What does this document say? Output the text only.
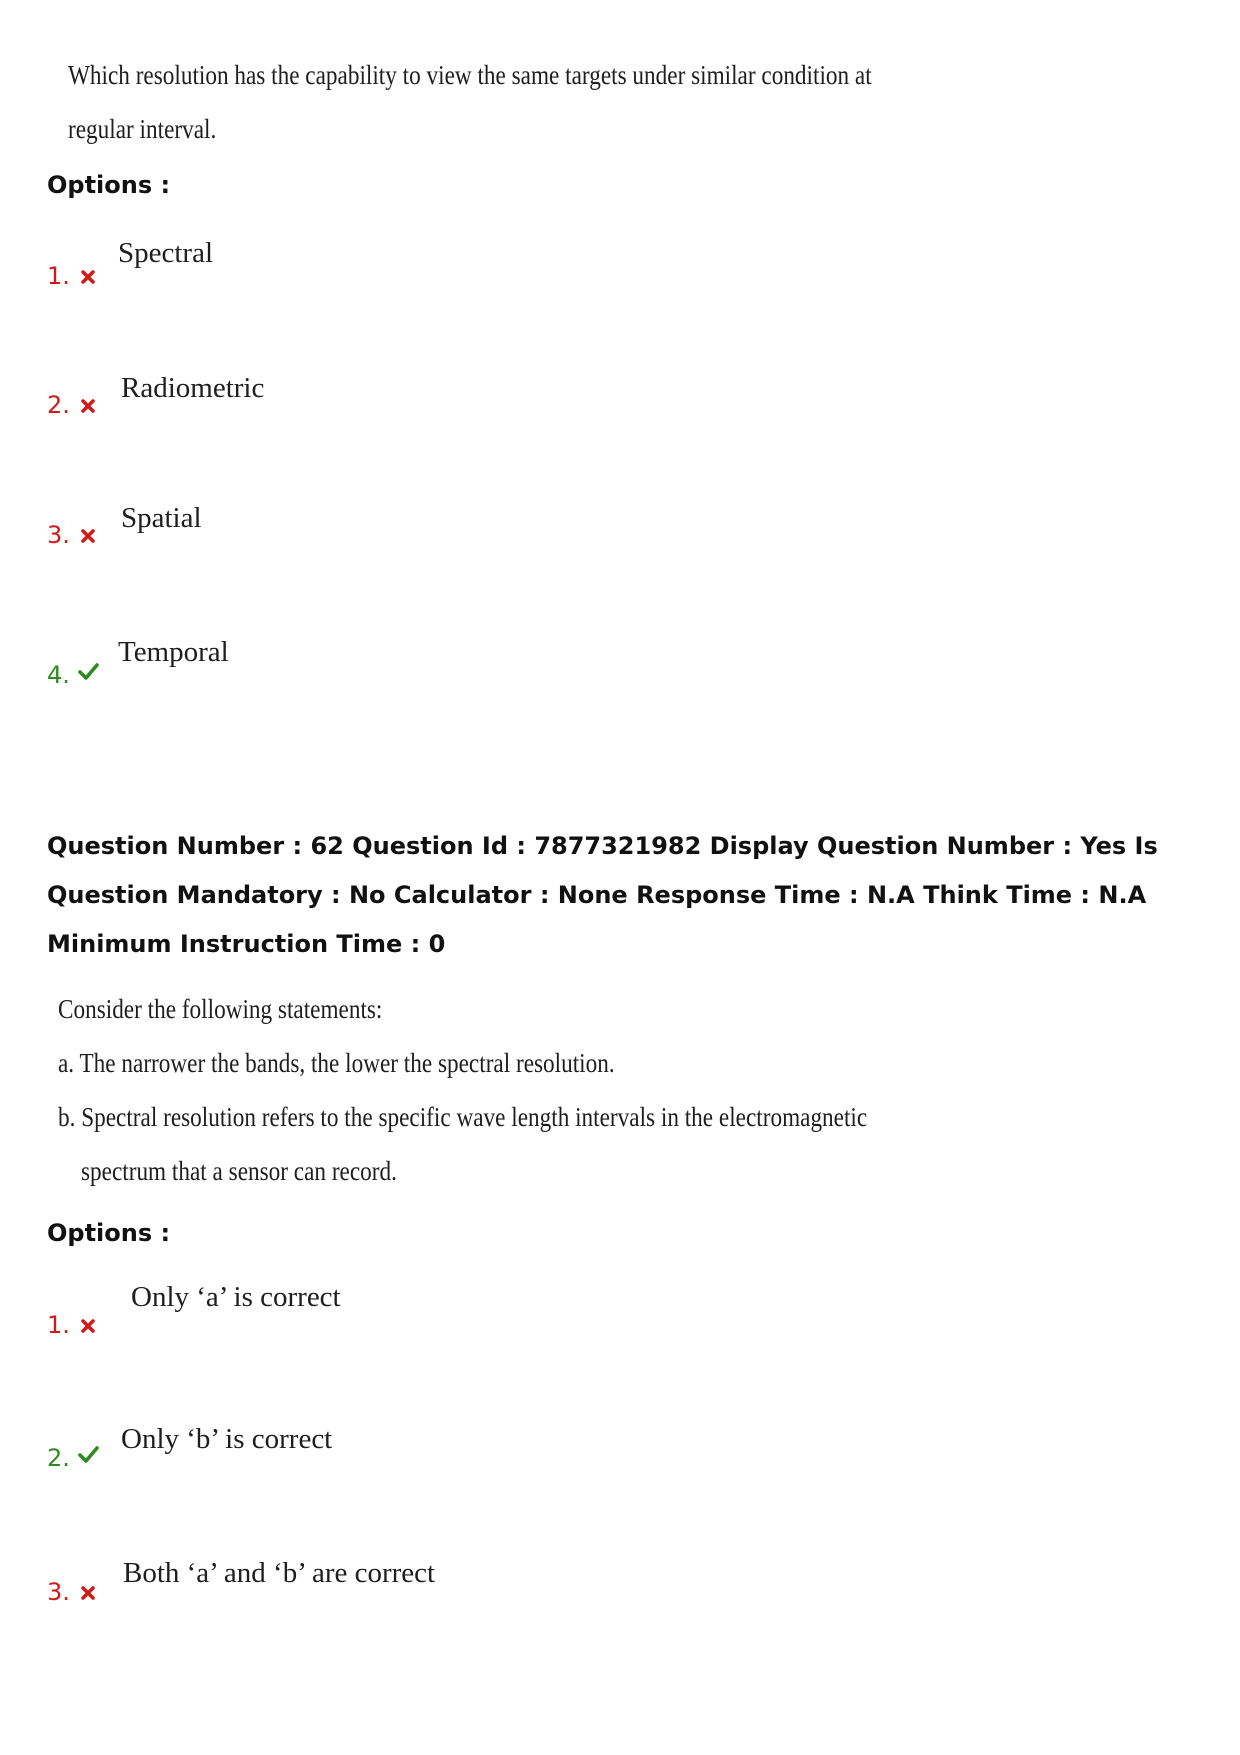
Which resolution has the capability to view the same targets under similar condition at
regular interval.
Options :
1.
Spectral
2.
Radiometric
3.
Spatial
4.
Temporal
Question Number : 62 Question Id : 7877321982 Display Question Number : Yes Is Question Mandatory : No Calculator : None Response Time : N.A Think Time : N.A Minimum Instruction Time : 0
Consider the following statements:
a. The narrower the bands, the lower the spectral resolution.
b. Spectral resolution refers to the specific wave length intervals in the electromagnetic
spectrum that a sensor can record.
Options :
1.
Only ‘a’ is correct
2.
Only ‘b’ is correct
3.
Both ‘a’ and ‘b’ are correct
